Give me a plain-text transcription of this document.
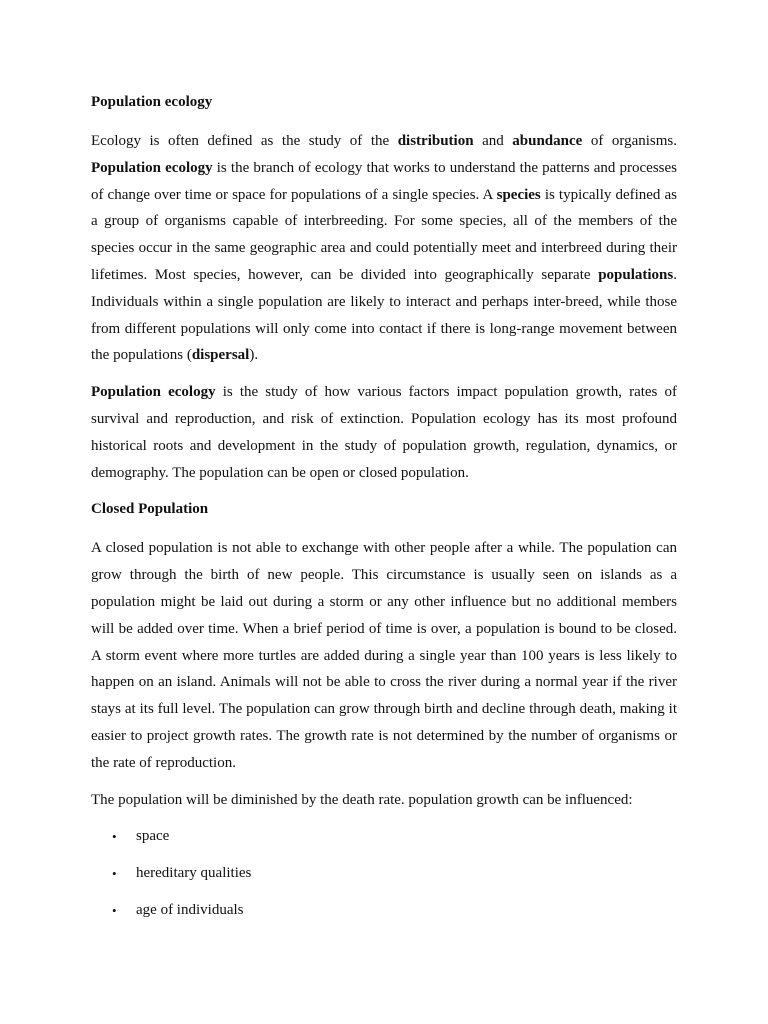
Population ecology

Ecology is often defined as the study of the distribution and abundance of organisms. Population ecology is the branch of ecology that works to understand the patterns and processes of change over time or space for populations of a single species. A species is typically defined as a group of organisms capable of interbreeding. For some species, all of the members of the species occur in the same geographic area and could potentially meet and interbreed during their lifetimes. Most species, however, can be divided into geographically separate populations. Individuals within a single population are likely to interact and perhaps inter-breed, while those from different populations will only come into contact if there is long-range movement between the populations (dispersal).

Population ecology is the study of how various factors impact population growth, rates of survival and reproduction, and risk of extinction. Population ecology has its most profound historical roots and development in the study of population growth, regulation, dynamics, or demography. The population can be open or closed population.

Closed Population

A closed population is not able to exchange with other people after a while. The population can grow through the birth of new people. This circumstance is usually seen on islands as a population might be laid out during a storm or any other influence but no additional members will be added over time. When a brief period of time is over, a population is bound to be closed. A storm event where more turtles are added during a single year than 100 years is less likely to happen on an island. Animals will not be able to cross the river during a normal year if the river stays at its full level. The population can grow through birth and decline through death, making it easier to project growth rates. The growth rate is not determined by the number of organisms or the rate of reproduction.

The population will be diminished by the death rate. population growth can be influenced:

• space
• hereditary qualities
• age of individuals
